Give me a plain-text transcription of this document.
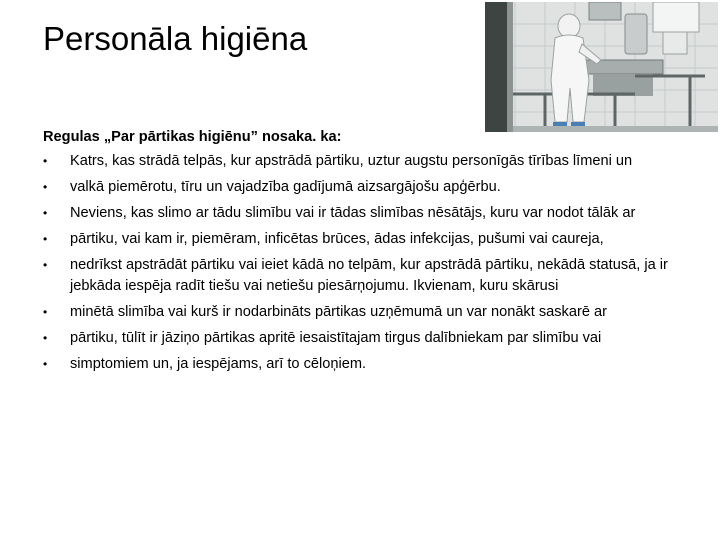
Personāla higiēna
Regulas „Par pārtikas higiēnu” nosaka. ka:
•	Katrs, kas strādā telpās, kur apstrādā pārtiku, uztur augstu personīgās tīrības līmeni un
•	valkā piemērotu, tīru un vajadzība gadījumā aizsargājošu apģērbu.
•	Neviens, kas slimo ar tādu slimību vai ir tādas slimības nēsātājs, kuru var nodot tālāk ar
•	pārtiku, vai kam ir, piemēram, inficētas brūces, ādas infekcijas, pušumi vai caureja,
•	nedrīkst apstrādāt pārtiku vai ieiet kādā no telpām, kur apstrādā pārtiku, nekādā statusā, ja ir jebkāda iespēja radīt tiešu vai netiešu piesārņojumu. Ikvienam, kuru skārusi
•	minētā slimība vai kurš ir nodarbināts pārtikas uzņēmumā un var nonākt saskarē ar
•	pārtiku, tūlīt ir jāziņo pārtikas apritē iesaistītajam tirgus dalībniekam par slimību vai
•	simptomiem un, ja iespējams, arī to cēloņiem.
